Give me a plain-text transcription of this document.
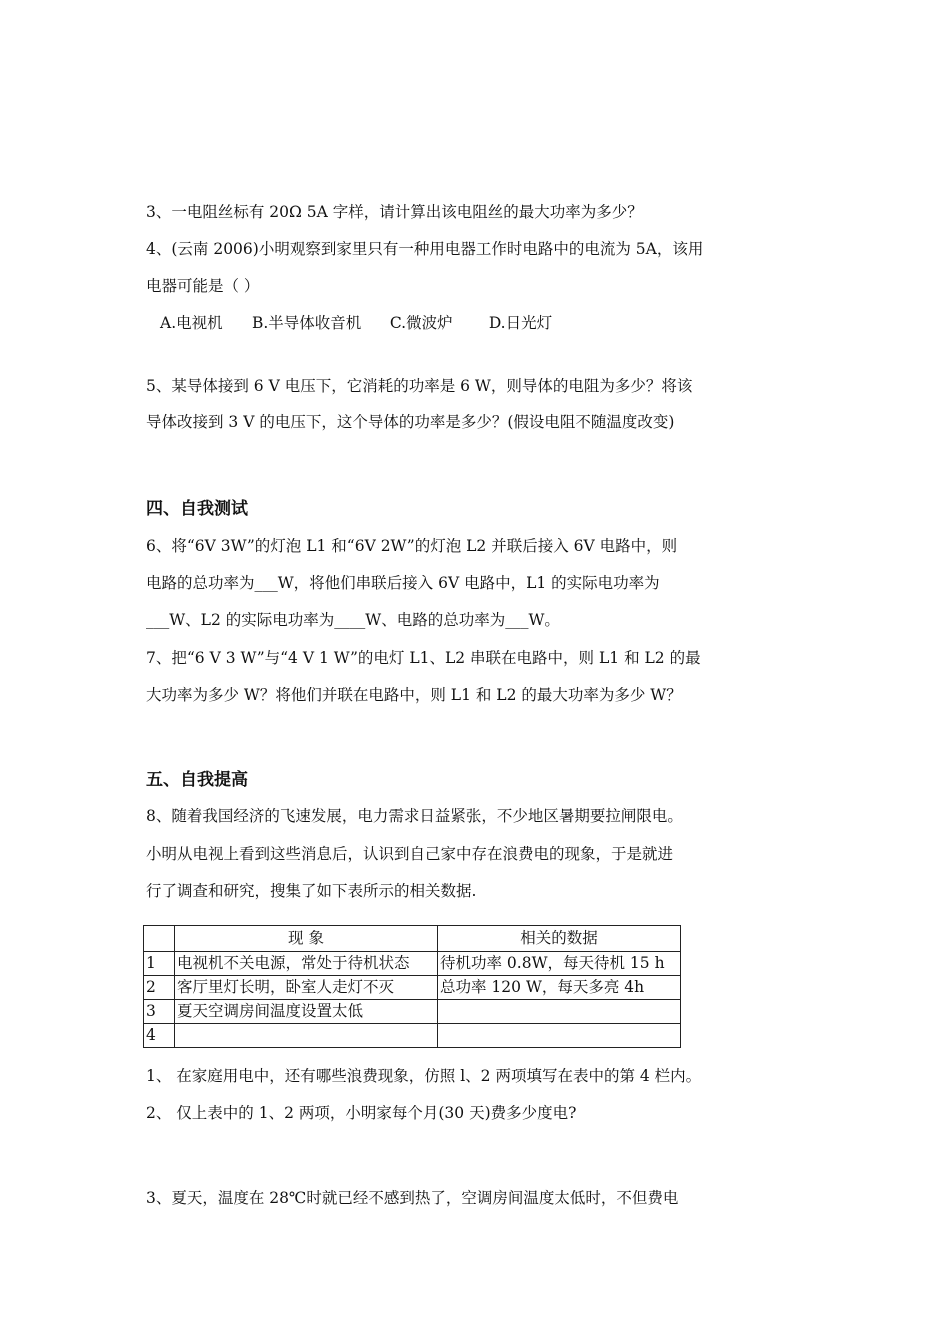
3、一电阻丝标有 20Ω 5A 字样，请计算出该电阻丝的最大功率为多少？
4、(云南 2006)小明观察到家里只有一种用电器工作时电路中的电流为 5A，该用
电器可能是（ ）
A.电视机 B.半导体收音机 C.微波炉 D.日光灯
5、某导体接到 6 V 电压下，它消耗的功率是 6 W，则导体的电阻为多少？将该
导体改接到 3 V 的电压下，这个导体的功率是多少？(假设电阻不随温度改变)
四、自我测试
6、将“6V 3W”的灯泡 L1 和“6V 2W”的灯泡 L2 并联后接入 6V 电路中，则
电路的总功率为___W，将他们串联后接入 6V 电路中，L1 的实际电功率为
___W、L2 的实际电功率为____W、电路的总功率为___W。
7、把“6 V 3 W”与“4 V 1 W”的电灯 L1、L2 串联在电路中，则 L1 和 L2 的最
大功率为多少 W？将他们并联在电路中，则 L1 和 L2 的最大功率为多少 W？
五、自我提高
8、随着我国经济的飞速发展，电力需求日益紧张，不少地区暑期要拉闸限电。
小明从电视上看到这些消息后，认识到自己家中存在浪费电的现象，于是就进
行了调查和研究，搜集了如下表所示的相关数据.
	现 象	相关的数据
1	电视机不关电源，常处于待机状态	待机功率 0.8W，每天待机 15 h
2	客厅里灯长明，卧室人走灯不灭	总功率 120 W，每天多亮 4h
3	夏天空调房间温度设置太低	
4		
1、 在家庭用电中，还有哪些浪费现象，仿照 l、2 两项填写在表中的第 4 栏内。
2、 仅上表中的 1、2 两项，小明家每个月(30 天)费多少度电?
3、夏天，温度在 28℃时就已经不感到热了，空调房间温度太低时，不但费电
